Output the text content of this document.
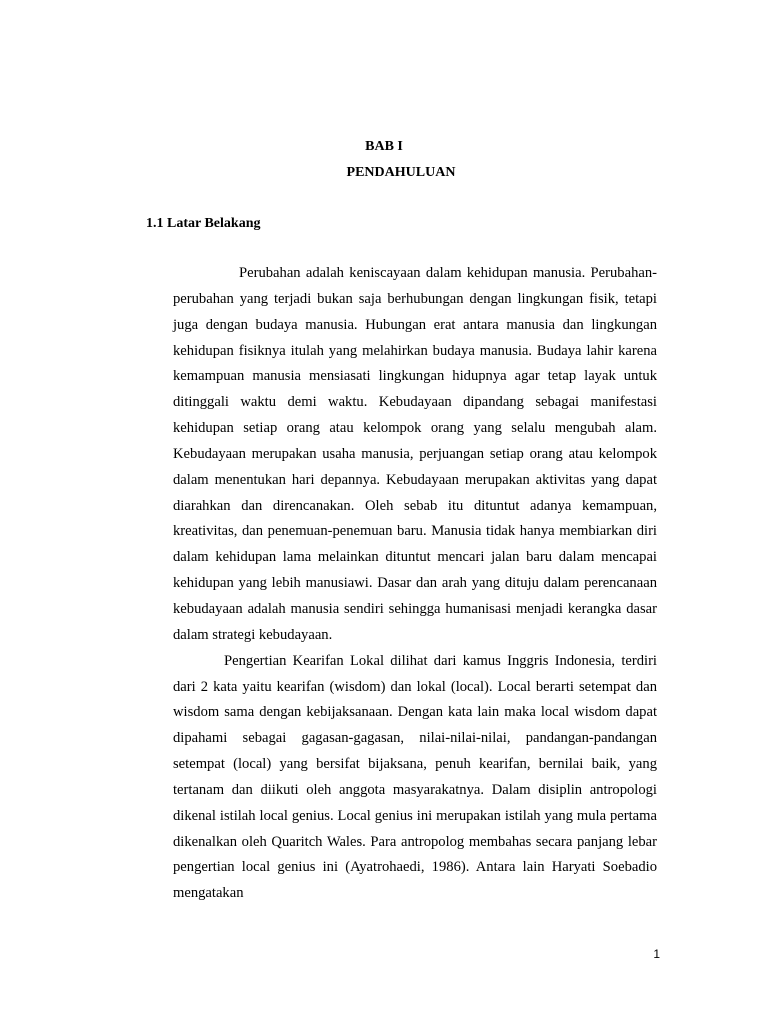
BAB I
PENDAHULUAN
1.1 Latar Belakang

Perubahan adalah keniscayaan dalam kehidupan manusia. Perubahan-perubahan yang terjadi bukan saja berhubungan dengan lingkungan fisik, tetapi juga dengan budaya manusia. Hubungan erat antara manusia dan lingkungan kehidupan fisiknya itulah yang melahirkan budaya manusia. Budaya lahir karena kemampuan manusia mensiasati lingkungan hidupnya agar tetap layak untuk ditinggali waktu demi waktu. Kebudayaan dipandang sebagai manifestasi kehidupan setiap orang atau kelompok orang yang selalu mengubah alam. Kebudayaan merupakan usaha manusia, perjuangan setiap orang atau kelompok dalam menentukan hari depannya. Kebudayaan merupakan aktivitas yang dapat diarahkan dan direncanakan. Oleh sebab itu dituntut adanya kemampuan, kreativitas, dan penemuan-penemuan baru. Manusia tidak hanya membiarkan diri dalam kehidupan lama melainkan dituntut mencari jalan baru dalam mencapai kehidupan yang lebih manusiawi. Dasar dan arah yang dituju dalam perencanaan kebudayaan adalah manusia sendiri sehingga humanisasi menjadi kerangka dasar dalam strategi kebudayaan.

Pengertian Kearifan Lokal dilihat dari kamus Inggris Indonesia, terdiri dari 2 kata yaitu kearifan (wisdom) dan lokal (local). Local berarti setempat dan wisdom sama dengan kebijaksanaan. Dengan kata lain maka local wisdom dapat dipahami sebagai gagasan-gagasan, nilai-nilai-nilai, pandangan-pandangan setempat (local) yang bersifat bijaksana, penuh kearifan, bernilai baik, yang tertanam dan diikuti oleh anggota masyarakatnya. Dalam disiplin antropologi dikenal istilah local genius. Local genius ini merupakan istilah yang mula pertama dikenalkan oleh Quaritch Wales. Para antropolog membahas secara panjang lebar pengertian local genius ini (Ayatrohaedi, 1986). Antara lain Haryati Soebadio mengatakan

1
